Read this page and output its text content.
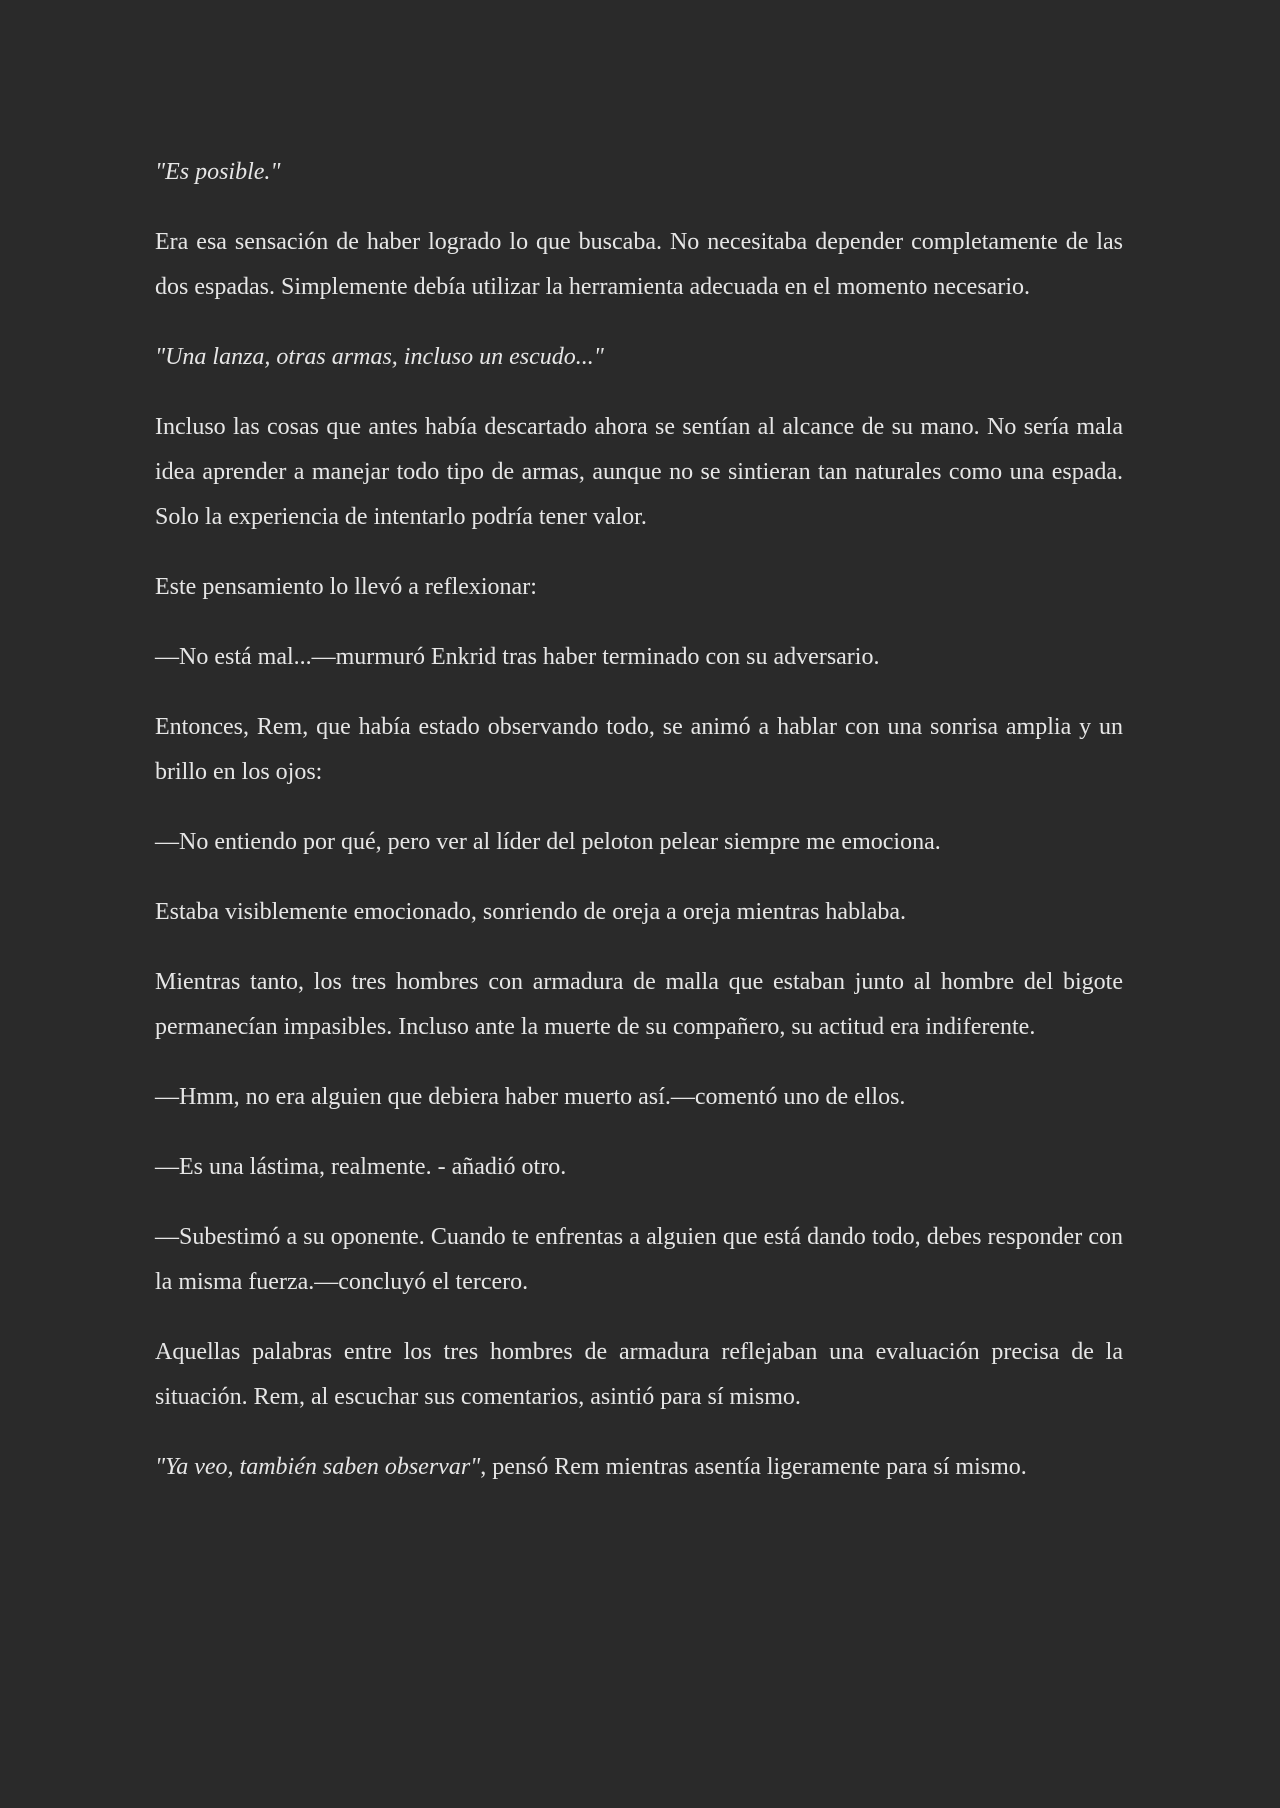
"Es posible."

Era esa sensación de haber logrado lo que buscaba. No necesitaba depender completamente de las dos espadas. Simplemente debía utilizar la herramienta adecuada en el momento necesario.

"Una lanza, otras armas, incluso un escudo..."

Incluso las cosas que antes había descartado ahora se sentían al alcance de su mano. No sería mala idea aprender a manejar todo tipo de armas, aunque no se sintieran tan naturales como una espada. Solo la experiencia de intentarlo podría tener valor.

Este pensamiento lo llevó a reflexionar:

—No está mal...—murmuró Enkrid tras haber terminado con su adversario.

Entonces, Rem, que había estado observando todo, se animó a hablar con una sonrisa amplia y un brillo en los ojos:

—No entiendo por qué, pero ver al líder del peloton pelear siempre me emociona.

Estaba visiblemente emocionado, sonriendo de oreja a oreja mientras hablaba.

Mientras tanto, los tres hombres con armadura de malla que estaban junto al hombre del bigote permanecían impasibles. Incluso ante la muerte de su compañero, su actitud era indiferente.

—Hmm, no era alguien que debiera haber muerto así.—comentó uno de ellos.

—Es una lástima, realmente. - añadió otro.

—Subestimó a su oponente. Cuando te enfrentas a alguien que está dando todo, debes responder con la misma fuerza.—concluyó el tercero.

Aquellas palabras entre los tres hombres de armadura reflejaban una evaluación precisa de la situación. Rem, al escuchar sus comentarios, asintió para sí mismo.

"Ya veo, también saben observar", pensó Rem mientras asentía ligeramente para sí mismo.
